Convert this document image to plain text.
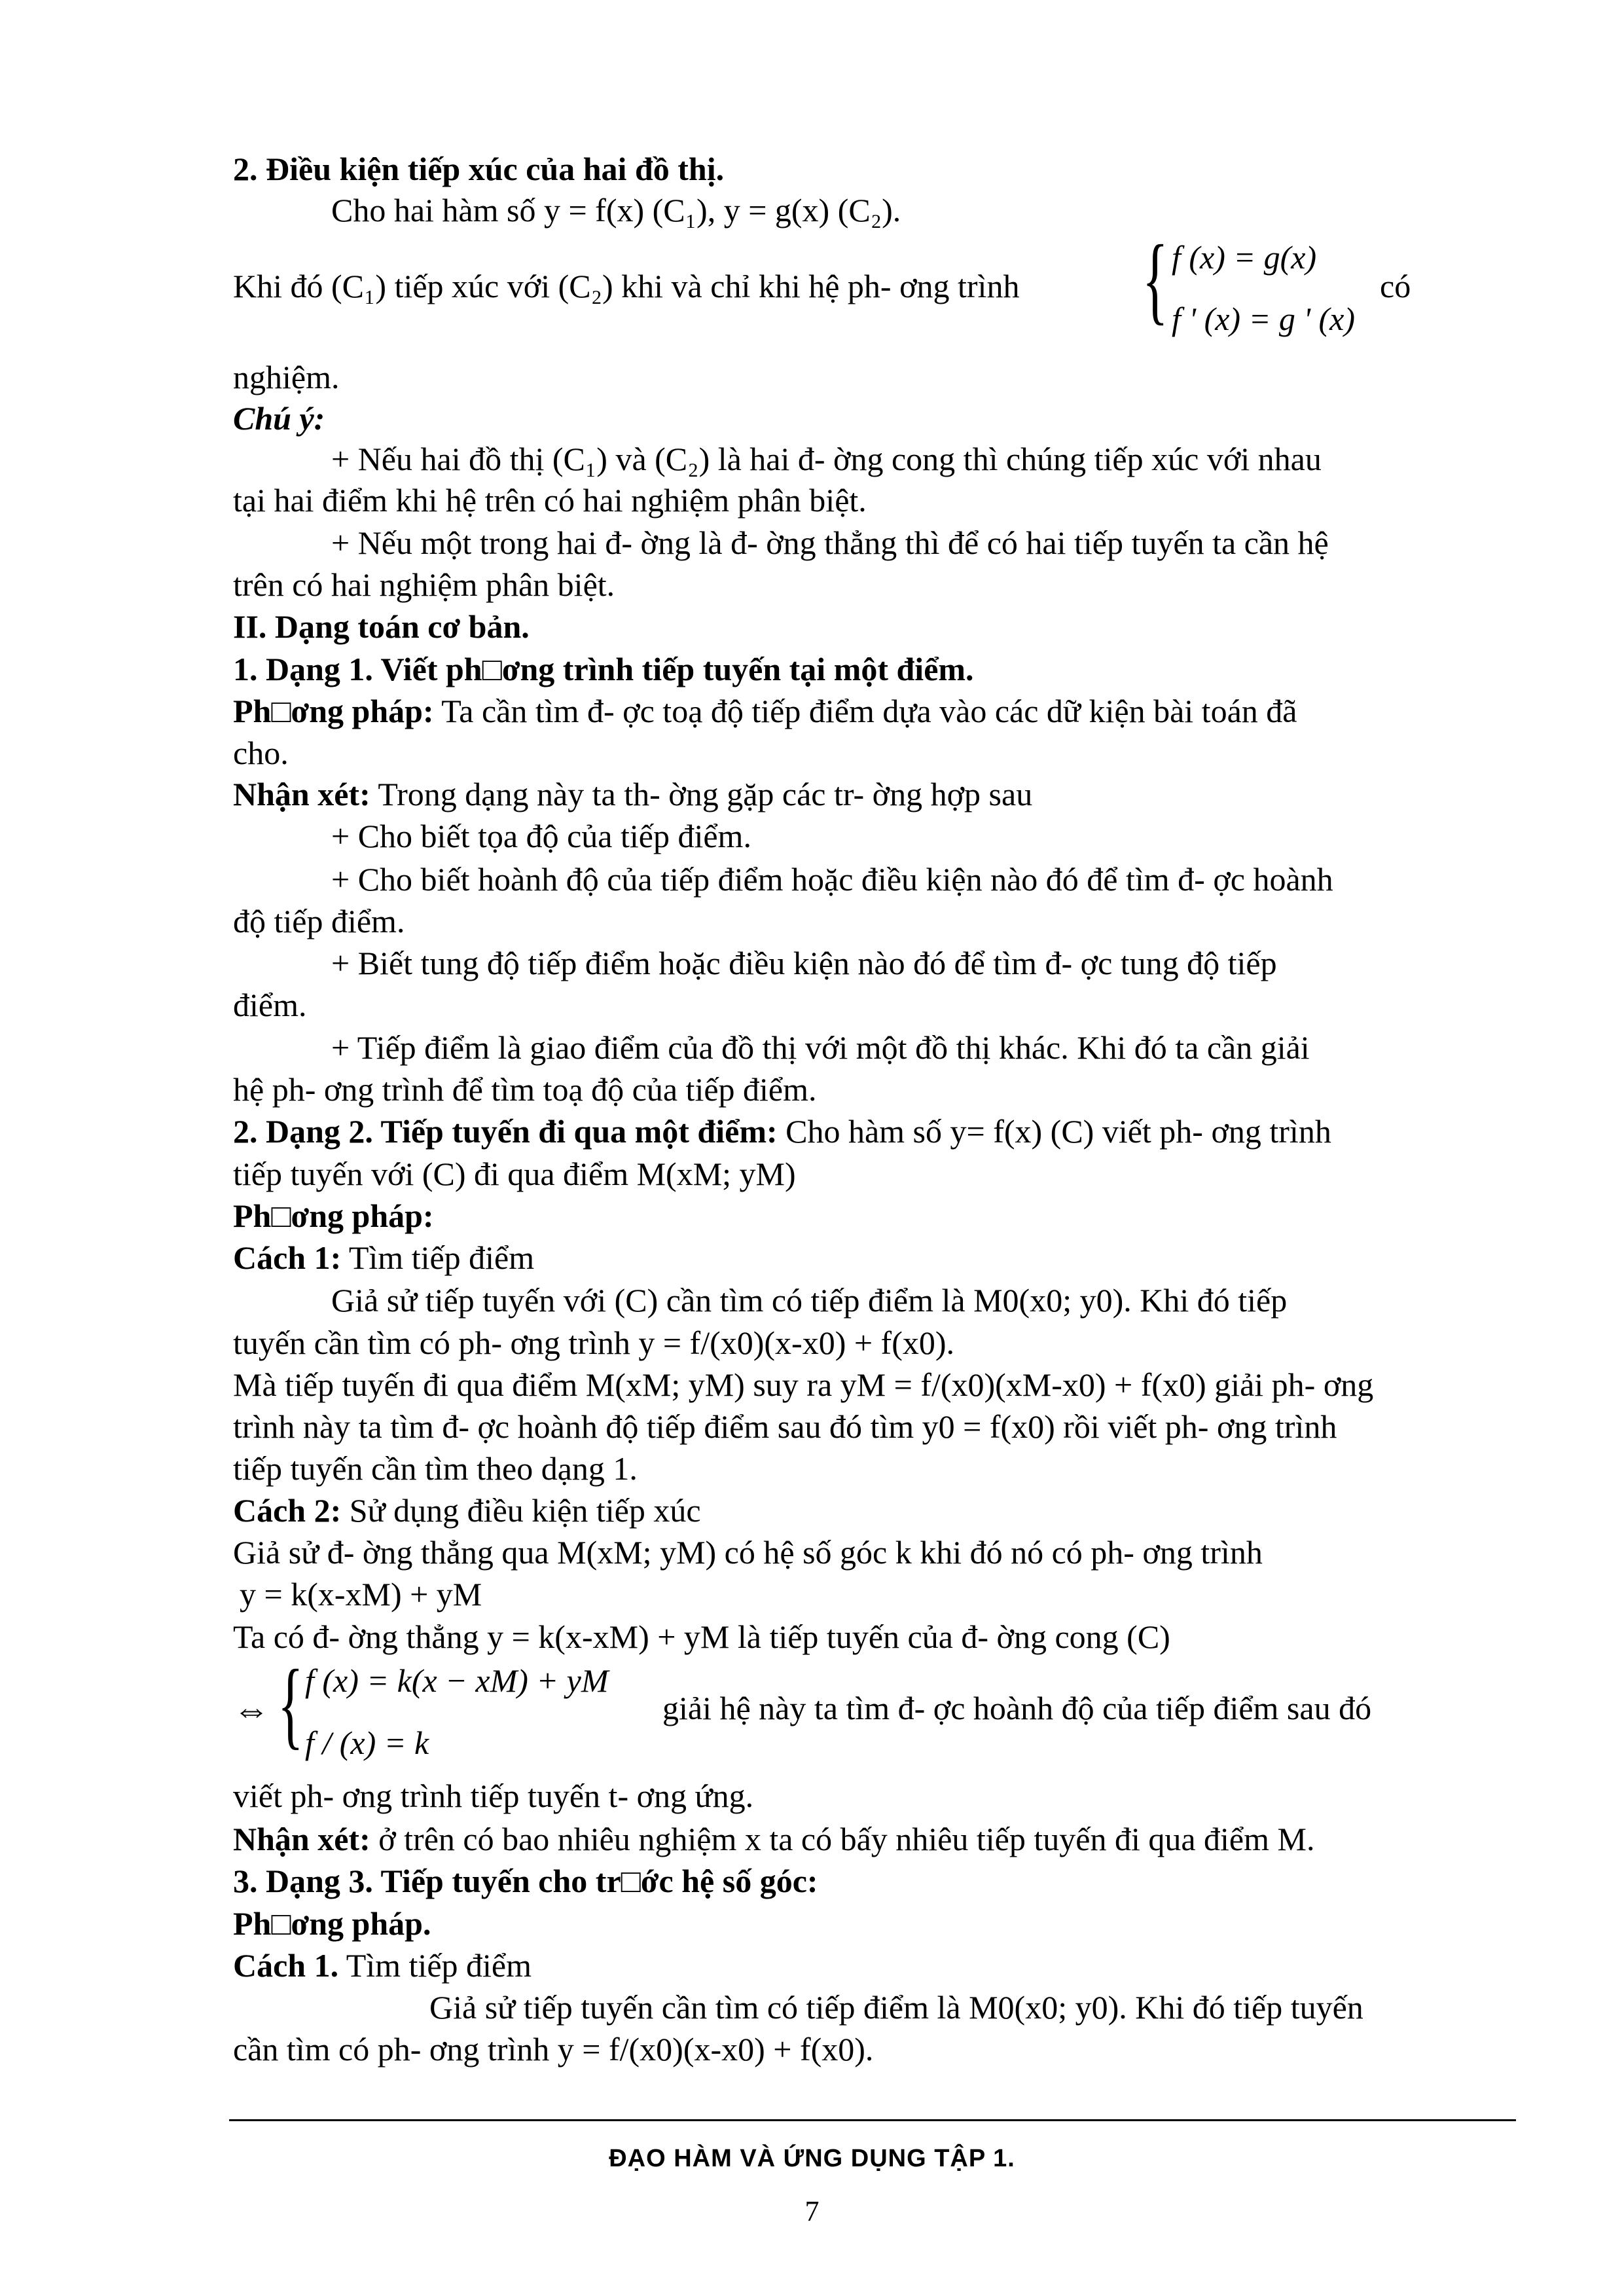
2. Điều kiện tiếp xúc của hai đồ thị.
Cho hai hàm số y = f(x) (C₁), y = g(x) (C₂).
Khi đó (C₁) tiếp xúc với (C₂) khi và chỉ khi hệ ph- ơng trình { f (x) = g(x)
f ' (x) = g ' (x)
có
nghiệm.
Chú ý:
+ Nếu hai đồ thị (C₁) và (C₂) là hai đ- ờng cong thì chúng tiếp xúc với nhau
tại hai điểm khi hệ trên có hai nghiệm phân biệt.
+ Nếu một trong hai đ- ờng là đ- ờng thẳng thì để có hai tiếp tuyến ta cần hệ
trên có hai nghiệm phân biệt.
II. Dạng toán cơ bản.
1. Dạng 1. Viết ph□ơng trình tiếp tuyến tại một điểm.
Ph□ơng pháp: Ta cần tìm đ- ợc toạ độ tiếp điểm dựa vào các dữ kiện bài toán đã
cho.
Nhận xét: Trong dạng này ta th- ờng gặp các tr- ờng hợp sau
+ Cho biết tọa độ của tiếp điểm.
+ Cho biết hoành độ của tiếp điểm hoặc điều kiện nào đó để tìm đ- ợc hoành
độ tiếp điểm.
+ Biết tung độ tiếp điểm hoặc điều kiện nào đó để tìm đ- ợc tung độ tiếp
điểm.
+ Tiếp điểm là giao điểm của đồ thị với một đồ thị khác. Khi đó ta cần giải
hệ ph- ơng trình để tìm toạ độ của tiếp điểm.
2. Dạng 2. Tiếp tuyến đi qua một điểm: Cho hàm số y= f(x) (C) viết ph- ơng trình
tiếp tuyến với (C) đi qua điểm M(xM; yM)
Ph□ơng pháp:
Cách 1: Tìm tiếp điểm
Giả sử tiếp tuyến với (C) cần tìm có tiếp điểm là M0(x0; y0). Khi đó tiếp
tuyến cần tìm có ph- ơng trình y = f/(x0)(x-x0) + f(x0).
Mà tiếp tuyến đi qua điểm M(xM; yM) suy ra yM = f/(x0)(xM-x0) + f(x0) giải ph- ơng
trình này ta tìm đ- ợc hoành độ tiếp điểm sau đó tìm y0 = f(x0) rồi viết ph- ơng trình
tiếp tuyến cần tìm theo dạng 1.
Cách 2: Sử dụng điều kiện tiếp xúc
Giả sử đ- ờng thẳng qua M(xM; yM) có hệ số góc k khi đó nó có ph- ơng trình
y = k(x-xM) + yM
Ta có đ- ờng thẳng y = k(x-xM) + yM là tiếp tuyến của đ- ờng cong (C)
⇔ { f (x) = k(x − xM) + yM
f / (x) = k
giải hệ này ta tìm đ- ợc hoành độ của tiếp điểm sau đó
viết ph- ơng trình tiếp tuyến t- ơng ứng.
Nhận xét: ở trên có bao nhiêu nghiệm x ta có bấy nhiêu tiếp tuyến đi qua điểm M.
3. Dạng 3. Tiếp tuyến cho tr□ớc hệ số góc:
Ph□ơng pháp.
Cách 1. Tìm tiếp điểm
Giả sử tiếp tuyến cần tìm có tiếp điểm là M0(x0; y0). Khi đó tiếp tuyến
cần tìm có ph- ơng trình y = f/(x0)(x-x0) + f(x0).
ĐẠO HÀM VÀ ỨNG DỤNG TẬP 1.
7
